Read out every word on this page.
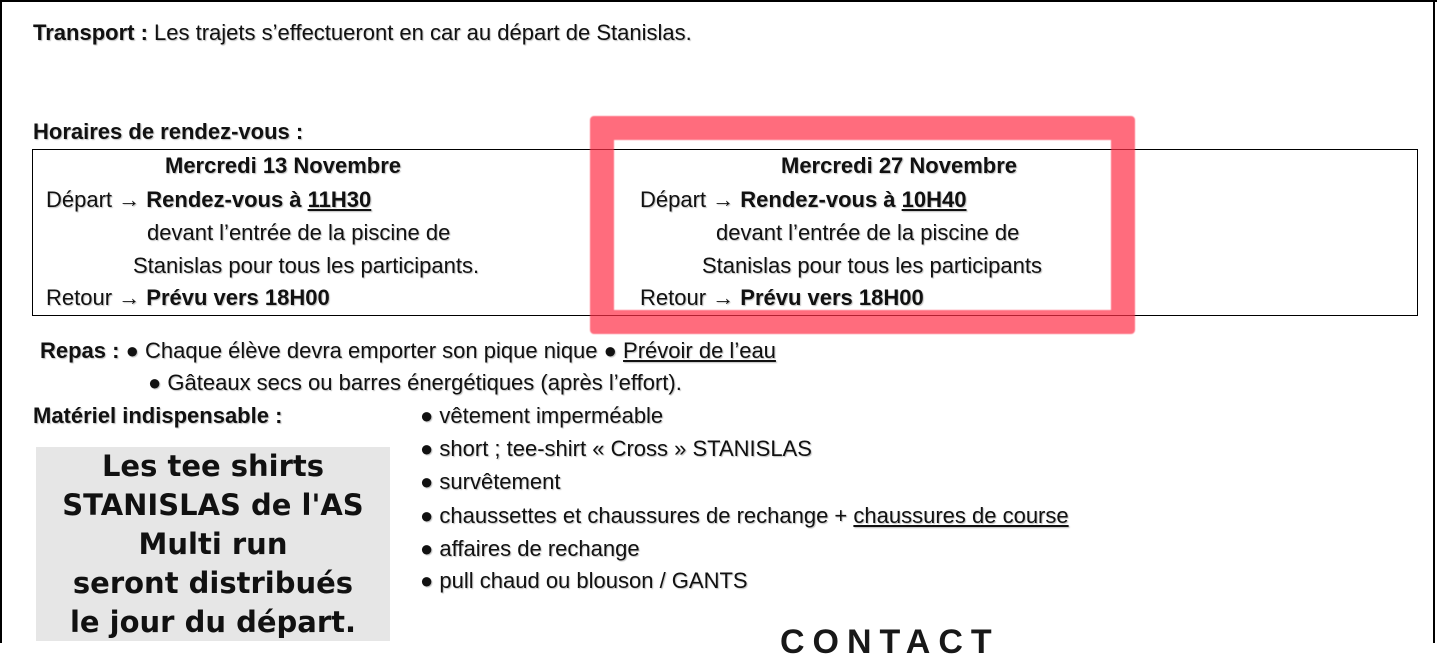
Transport : Les trajets s’effectueront en car au départ de Stanislas.
Horaires de rendez-vous :
Mercredi 13 Novembre
Départ → Rendez-vous à 11H30
devant l’entrée de la piscine de
Stanislas pour tous les participants.
Retour → Prévu vers 18H00
Mercredi 27 Novembre
Départ → Rendez-vous à 10H40
devant l’entrée de la piscine de
Stanislas pour tous les participants
Retour → Prévu vers 18H00
Repas : ● Chaque élève devra emporter son pique nique ● Prévoir de l’eau
● Gâteaux secs ou barres énergétiques (après l’effort).
Matériel indispensable :	● vêtement imperméable
● short ; tee-shirt « Cross » STANISLAS
● survêtement
● chaussettes et chaussures de rechange + chaussures de course
● affaires de rechange
● pull chaud ou blouson / GANTS
Les tee shirts
STANISLAS de l'AS
Multi run
seront distribués
le jour du départ.
CONTACT
